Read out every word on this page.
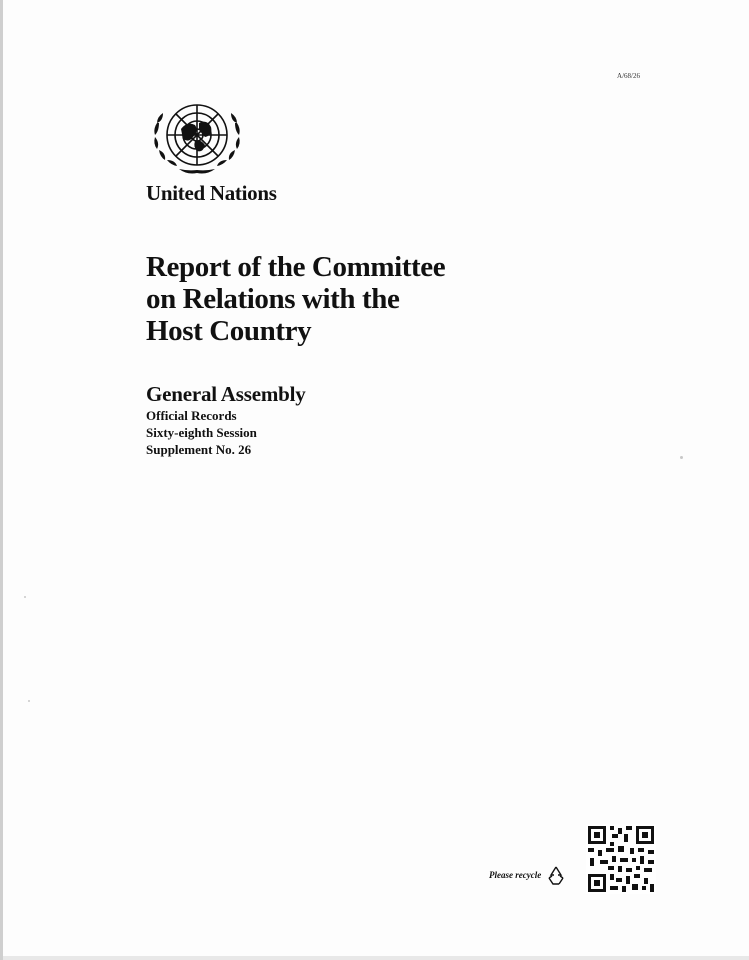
A/68/26
United Nations
Report of the Committee
on Relations with the
Host Country
General Assembly
Official Records
Sixty-eighth Session
Supplement No. 26
Please recycle
